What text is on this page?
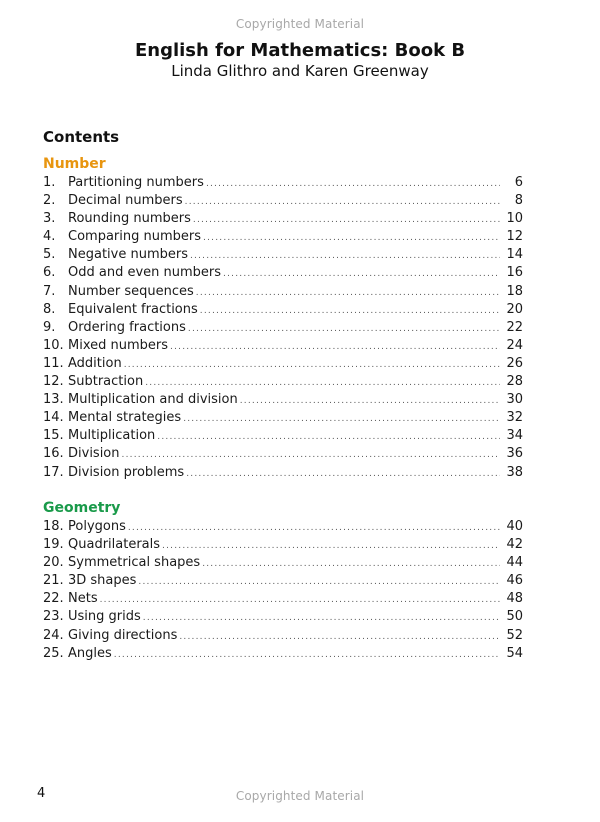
Copyrighted Material
English for Mathematics: Book B
Linda Glithro and Karen Greenway
Contents
Number
1. Partitioning numbers .....	6
2. Decimal numbers .....	8
3. Rounding numbers .....	10
4. Comparing numbers .....	12
5. Negative numbers .....	14
6. Odd and even numbers .....	16
7. Number sequences .....	18
8. Equivalent fractions .....	20
9. Ordering fractions .....	22
10. Mixed numbers .....	24
11. Addition .....	26
12. Subtraction .....	28
13. Multiplication and division .....	30
14. Mental strategies .....	32
15. Multiplication .....	34
16. Division .....	36
17. Division problems .....	38
Geometry
18. Polygons .....	40
19. Quadrilaterals .....	42
20. Symmetrical shapes .....	44
21. 3D shapes .....	46
22. Nets .....	48
23. Using grids .....	50
24. Giving directions .....	52
25. Angles .....	54
4	Copyrighted Material
